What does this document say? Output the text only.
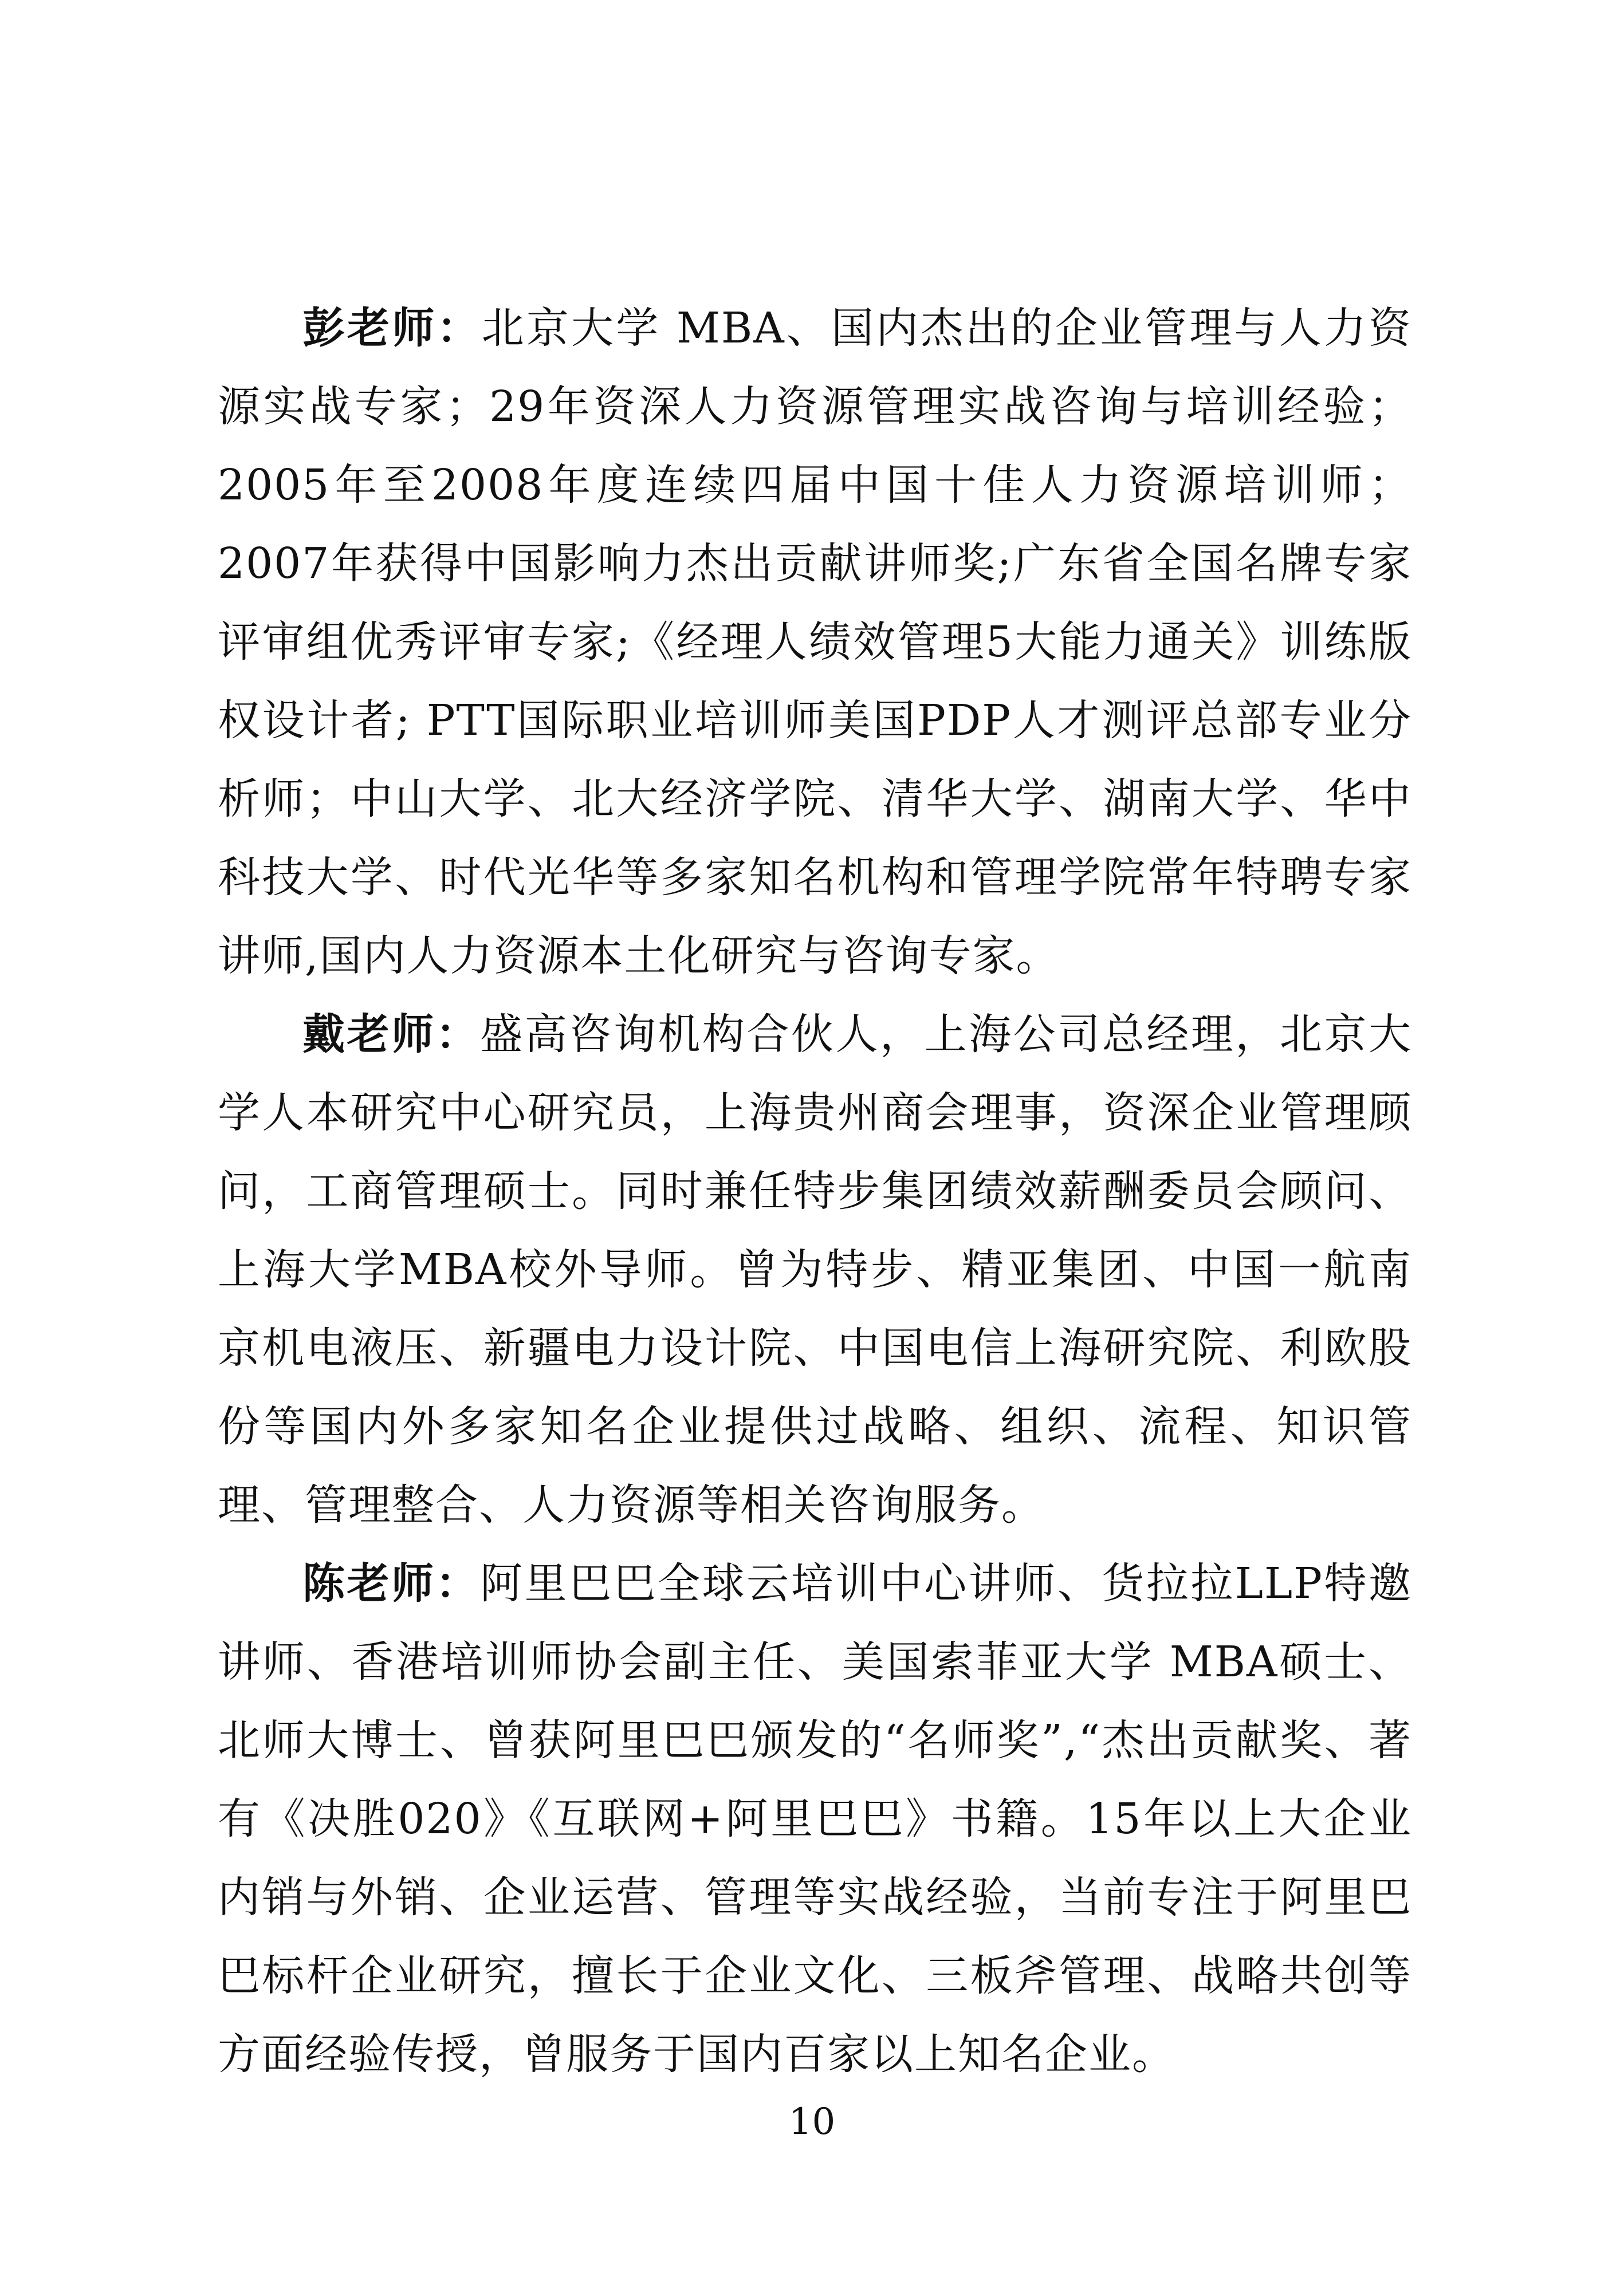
彭老师：北京大学 MBA、国内杰出的企业管理与人力资源实战专家；29年资深人力资源管理实战咨询与培训经验；2005年至2008年度连续四届中国十佳人力资源培训师；2007年获得中国影响力杰出贡献讲师奖;广东省全国名牌专家评审组优秀评审专家;《经理人绩效管理5大能力通关》训练版权设计者; PTT国际职业培训师美国PDP人才测评总部专业分析师；中山大学、北大经济学院、清华大学、湖南大学、华中科技大学、时代光华等多家知名机构和管理学院常年特聘专家讲师,国内人力资源本土化研究与咨询专家。

戴老师：盛高咨询机构合伙人，上海公司总经理，北京大学人本研究中心研究员，上海贵州商会理事，资深企业管理顾问，工商管理硕士。同时兼任特步集团绩效薪酬委员会顾问、上海大学MBA校外导师。曾为特步、精亚集团、中国一航南京机电液压、新疆电力设计院、中国电信上海研究院、利欧股份等国内外多家知名企业提供过战略、组织、流程、知识管理、管理整合、人力资源等相关咨询服务。

陈老师：阿里巴巴全球云培训中心讲师、货拉拉LLP特邀讲师、香港培训师协会副主任、美国索菲亚大学 MBA硕士、北师大博士、曾获阿里巴巴颁发的“名师奖”,“杰出贡献奖、著有《决胜020》《互联网+阿里巴巴》书籍。15年以上大企业内销与外销、企业运营、管理等实战经验，当前专注于阿里巴巴标杆企业研究，擅长于企业文化、三板斧管理、战略共创等方面经验传授，曾服务于国内百家以上知名企业。

10
